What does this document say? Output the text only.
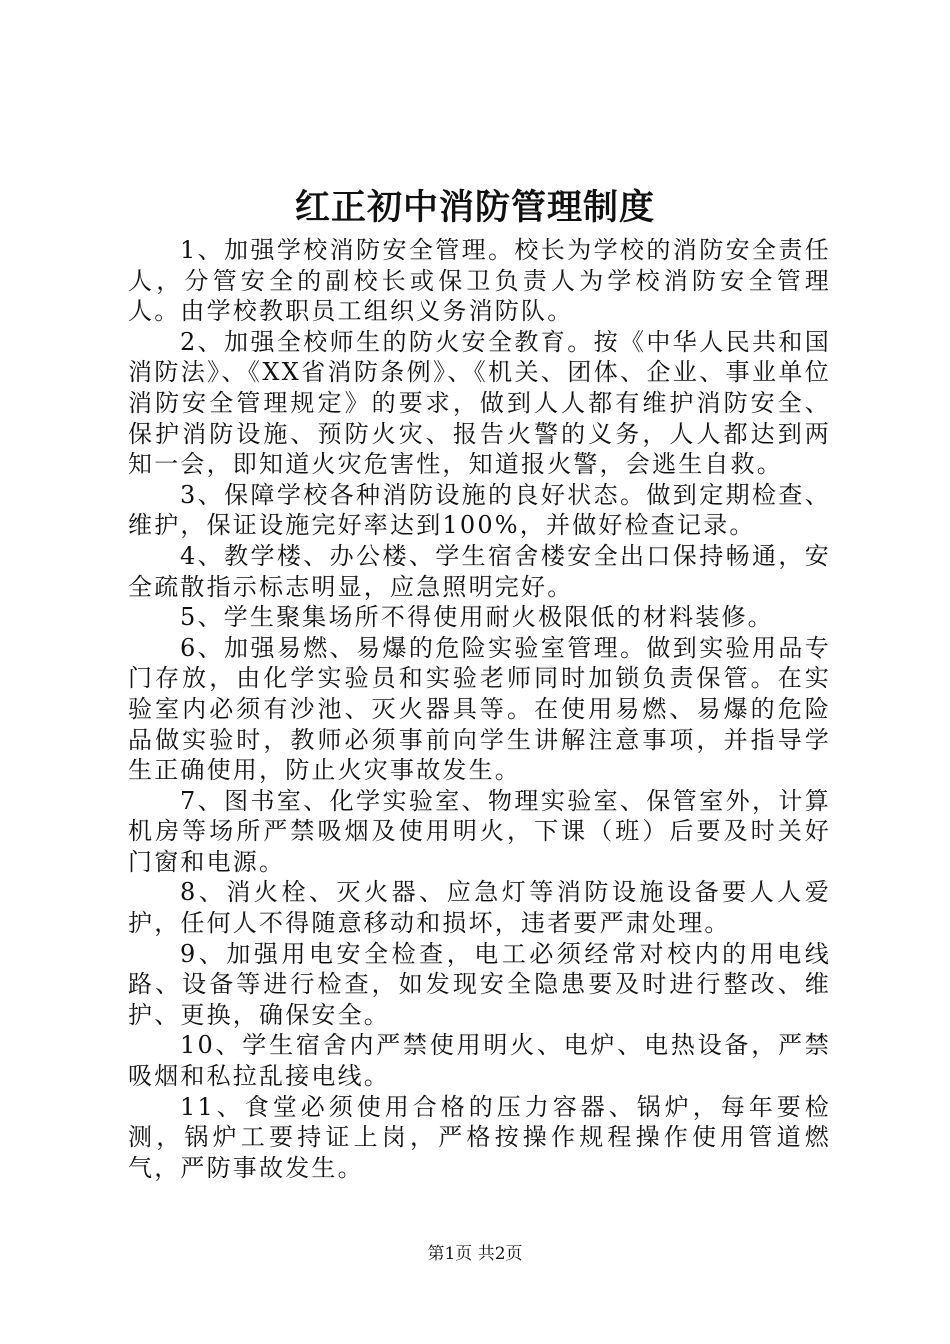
红正初中消防管理制度

1、加强学校消防安全管理。校长为学校的消防安全责任人，分管安全的副校长或保卫负责人为学校消防安全管理人。由学校教职员工组织义务消防队。

2、加强全校师生的防火安全教育。按《中华人民共和国消防法》、《XX省消防条例》、《机关、团体、企业、事业单位消防安全管理规定》的要求，做到人人都有维护消防安全、保护消防设施、预防火灾、报告火警的义务，人人都达到两知一会，即知道火灾危害性，知道报火警，会逃生自救。

3、保障学校各种消防设施的良好状态。做到定期检查、维护，保证设施完好率达到100%，并做好检查记录。

4、教学楼、办公楼、学生宿舍楼安全出口保持畅通，安全疏散指示标志明显，应急照明完好。

5、学生聚集场所不得使用耐火极限低的材料装修。

6、加强易燃、易爆的危险实验室管理。做到实验用品专门存放，由化学实验员和实验老师同时加锁负责保管。在实验室内必须有沙池、灭火器具等。在使用易燃、易爆的危险品做实验时，教师必须事前向学生讲解注意事项，并指导学生正确使用，防止火灾事故发生。

7、图书室、化学实验室、物理实验室、保管室外，计算机房等场所严禁吸烟及使用明火，下课（班）后要及时关好门窗和电源。

8、消火栓、灭火器、应急灯等消防设施设备要人人爱护，任何人不得随意移动和损坏，违者要严肃处理。

9、加强用电安全检查，电工必须经常对校内的用电线路、设备等进行检查，如发现安全隐患要及时进行整改、维护、更换，确保安全。

10、学生宿舍内严禁使用明火、电炉、电热设备，严禁吸烟和私拉乱接电线。

11、食堂必须使用合格的压力容器、锅炉，每年要检测，锅炉工要持证上岗，严格按操作规程操作使用管道燃气，严防事故发生。

第1页 共2页
